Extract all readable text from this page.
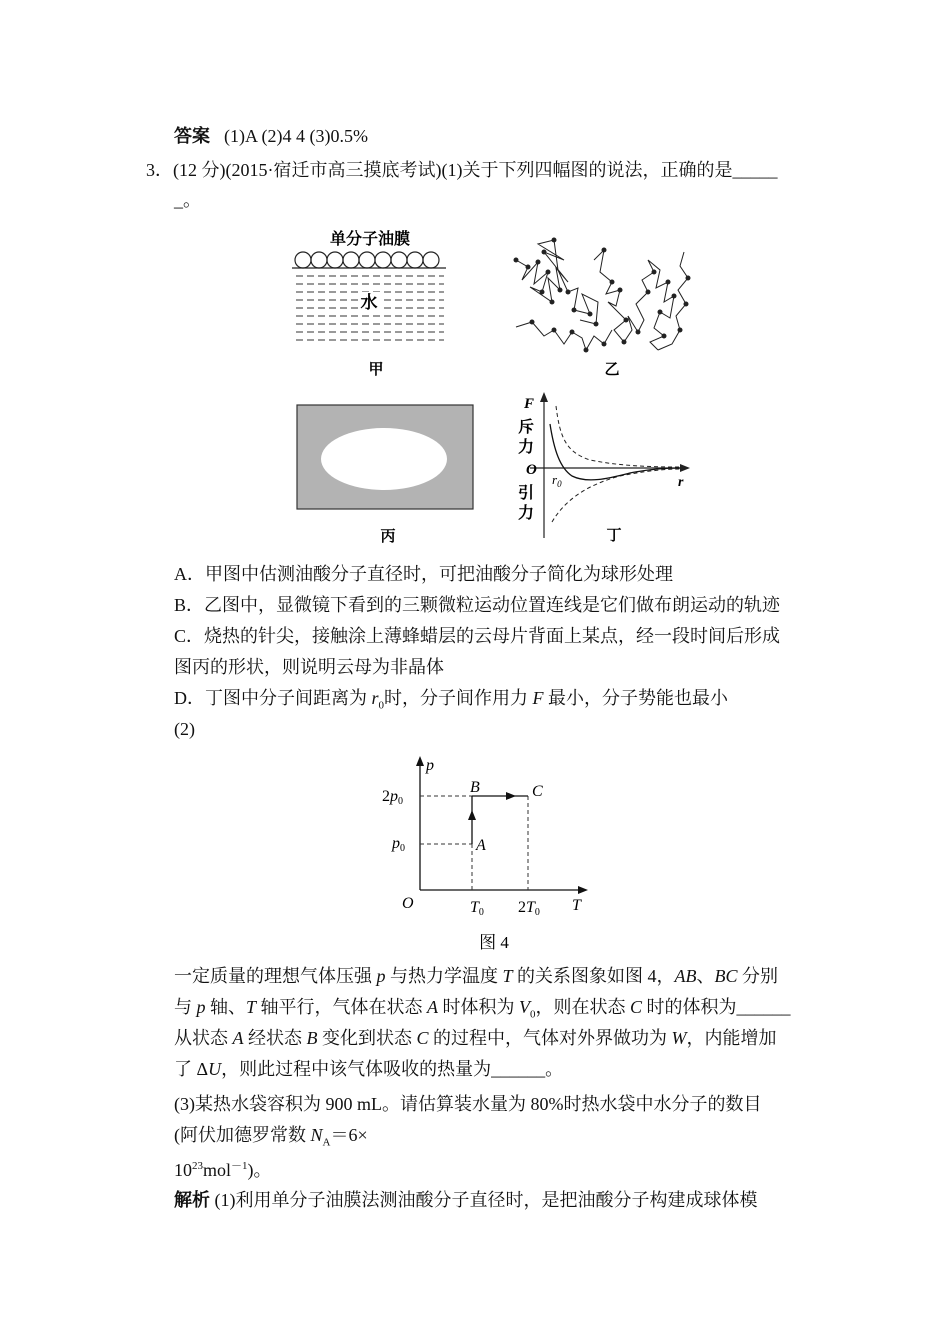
答案 (1)A (2)4 4 (3)0.5%
3．(12 分)(2015·宿迁市高三摸底考试)(1)关于下列四幅图的说法，正确的是_____
_。
单分子油膜
水
甲	乙
丙
F
斥
力
O
引
力
$r_0$	r
丁
A．甲图中估测油酸分子直径时，可把油酸分子简化为球形处理
B．乙图中，显微镜下看到的三颗微粒运动位置连线是它们做布朗运动的轨迹
C．烧热的针尖，接触涂上薄蜂蜡层的云母片背面上某点，经一段时间后形成
图丙的形状，则说明云母为非晶体
D．丁图中分子间距离为 $r_0$时，分子间作用力 F 最小，分子势能也最小
(2)
p
T
O
2p0
p0
T0 2T0
A
B	C
图 4
一定质量的理想气体压强 p 与热力学温度 T 的关系图象如图 4，AB、BC 分别
与 p 轴、T 轴平行，气体在状态 A 时体积为 $V_0$，则在状态 C 时的体积为______
从状态 A 经状态 B 变化到状态 C 的过程中，气体对外界做功为 W，内能增加
了 ΔU，则此过程中该气体吸收的热量为______。
(3)某热水袋容积为 900 mL。请估算装水量为 80%时热水袋中水分子的数目
(阿伏加德罗常数 $N_A=6\times$
$10^{23}mol^{-1}$)。
解析 (1)利用单分子油膜法测油酸分子直径时，是把油酸分子构建成球体模
